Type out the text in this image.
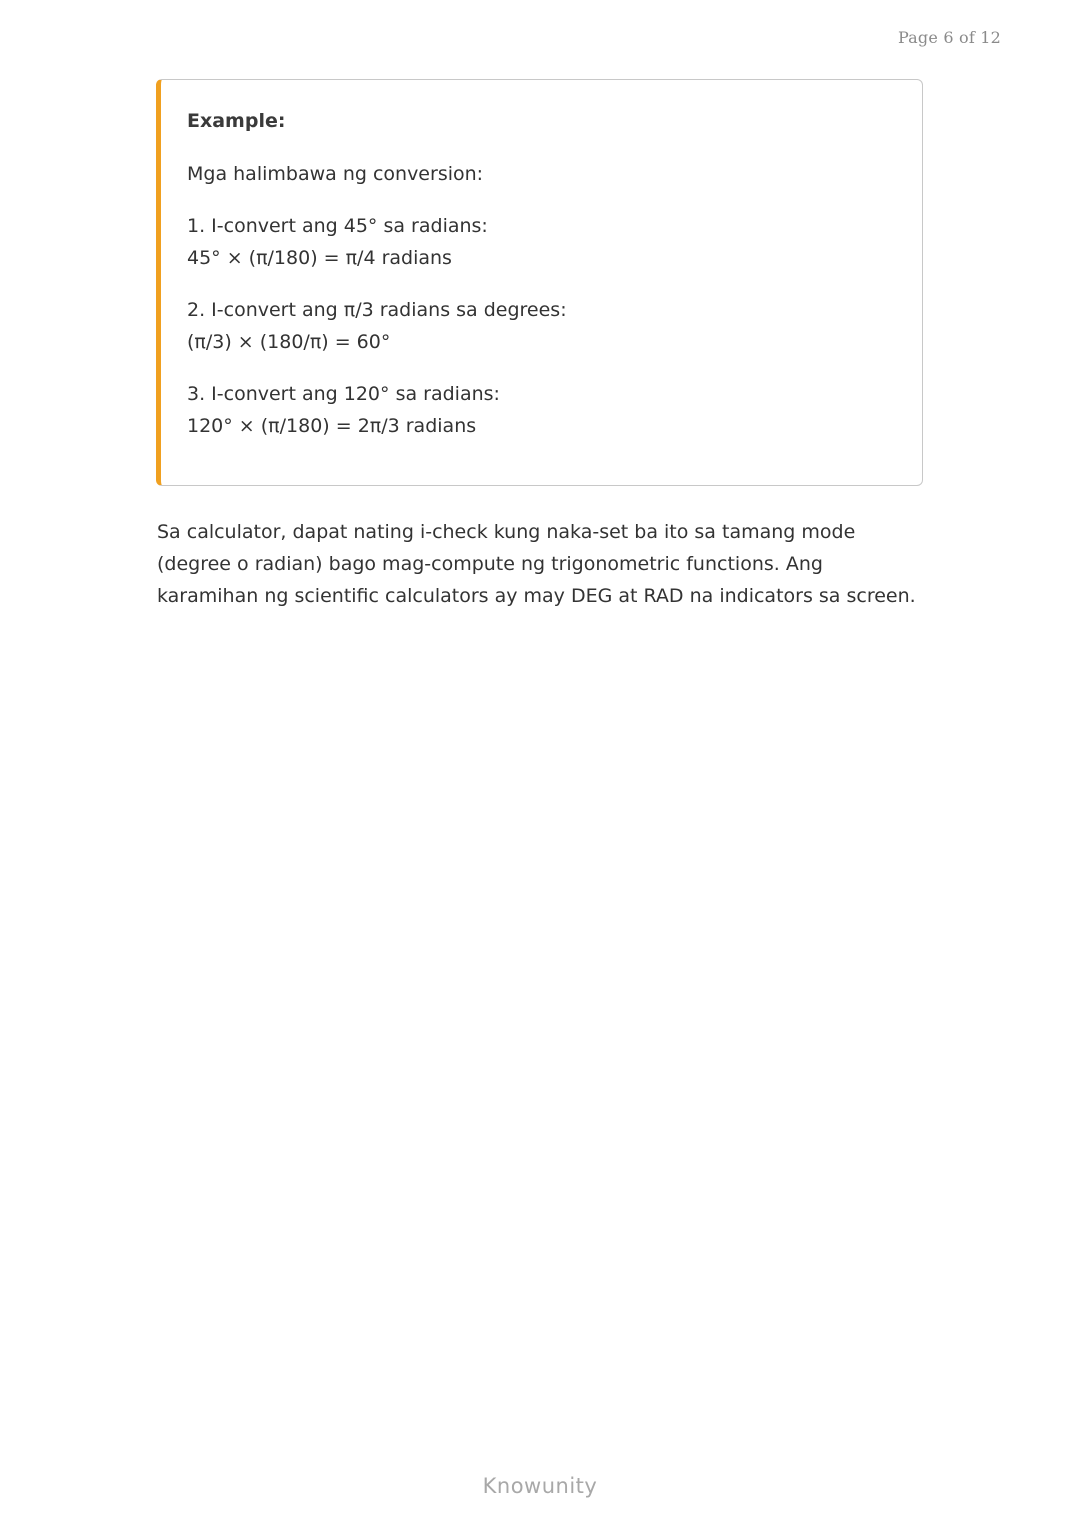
Page 6 of 12

Example:

Mga halimbawa ng conversion:

1. I-convert ang 45° sa radians:
45° × (π/180) = π/4 radians

2. I-convert ang π/3 radians sa degrees:
(π/3) × (180/π) = 60°

3. I-convert ang 120° sa radians:
120° × (π/180) = 2π/3 radians

Sa calculator, dapat nating i-check kung naka-set ba ito sa tamang mode (degree o radian) bago mag-compute ng trigonometric functions. Ang karamihan ng scientific calculators ay may DEG at RAD na indicators sa screen.

Knowunity
